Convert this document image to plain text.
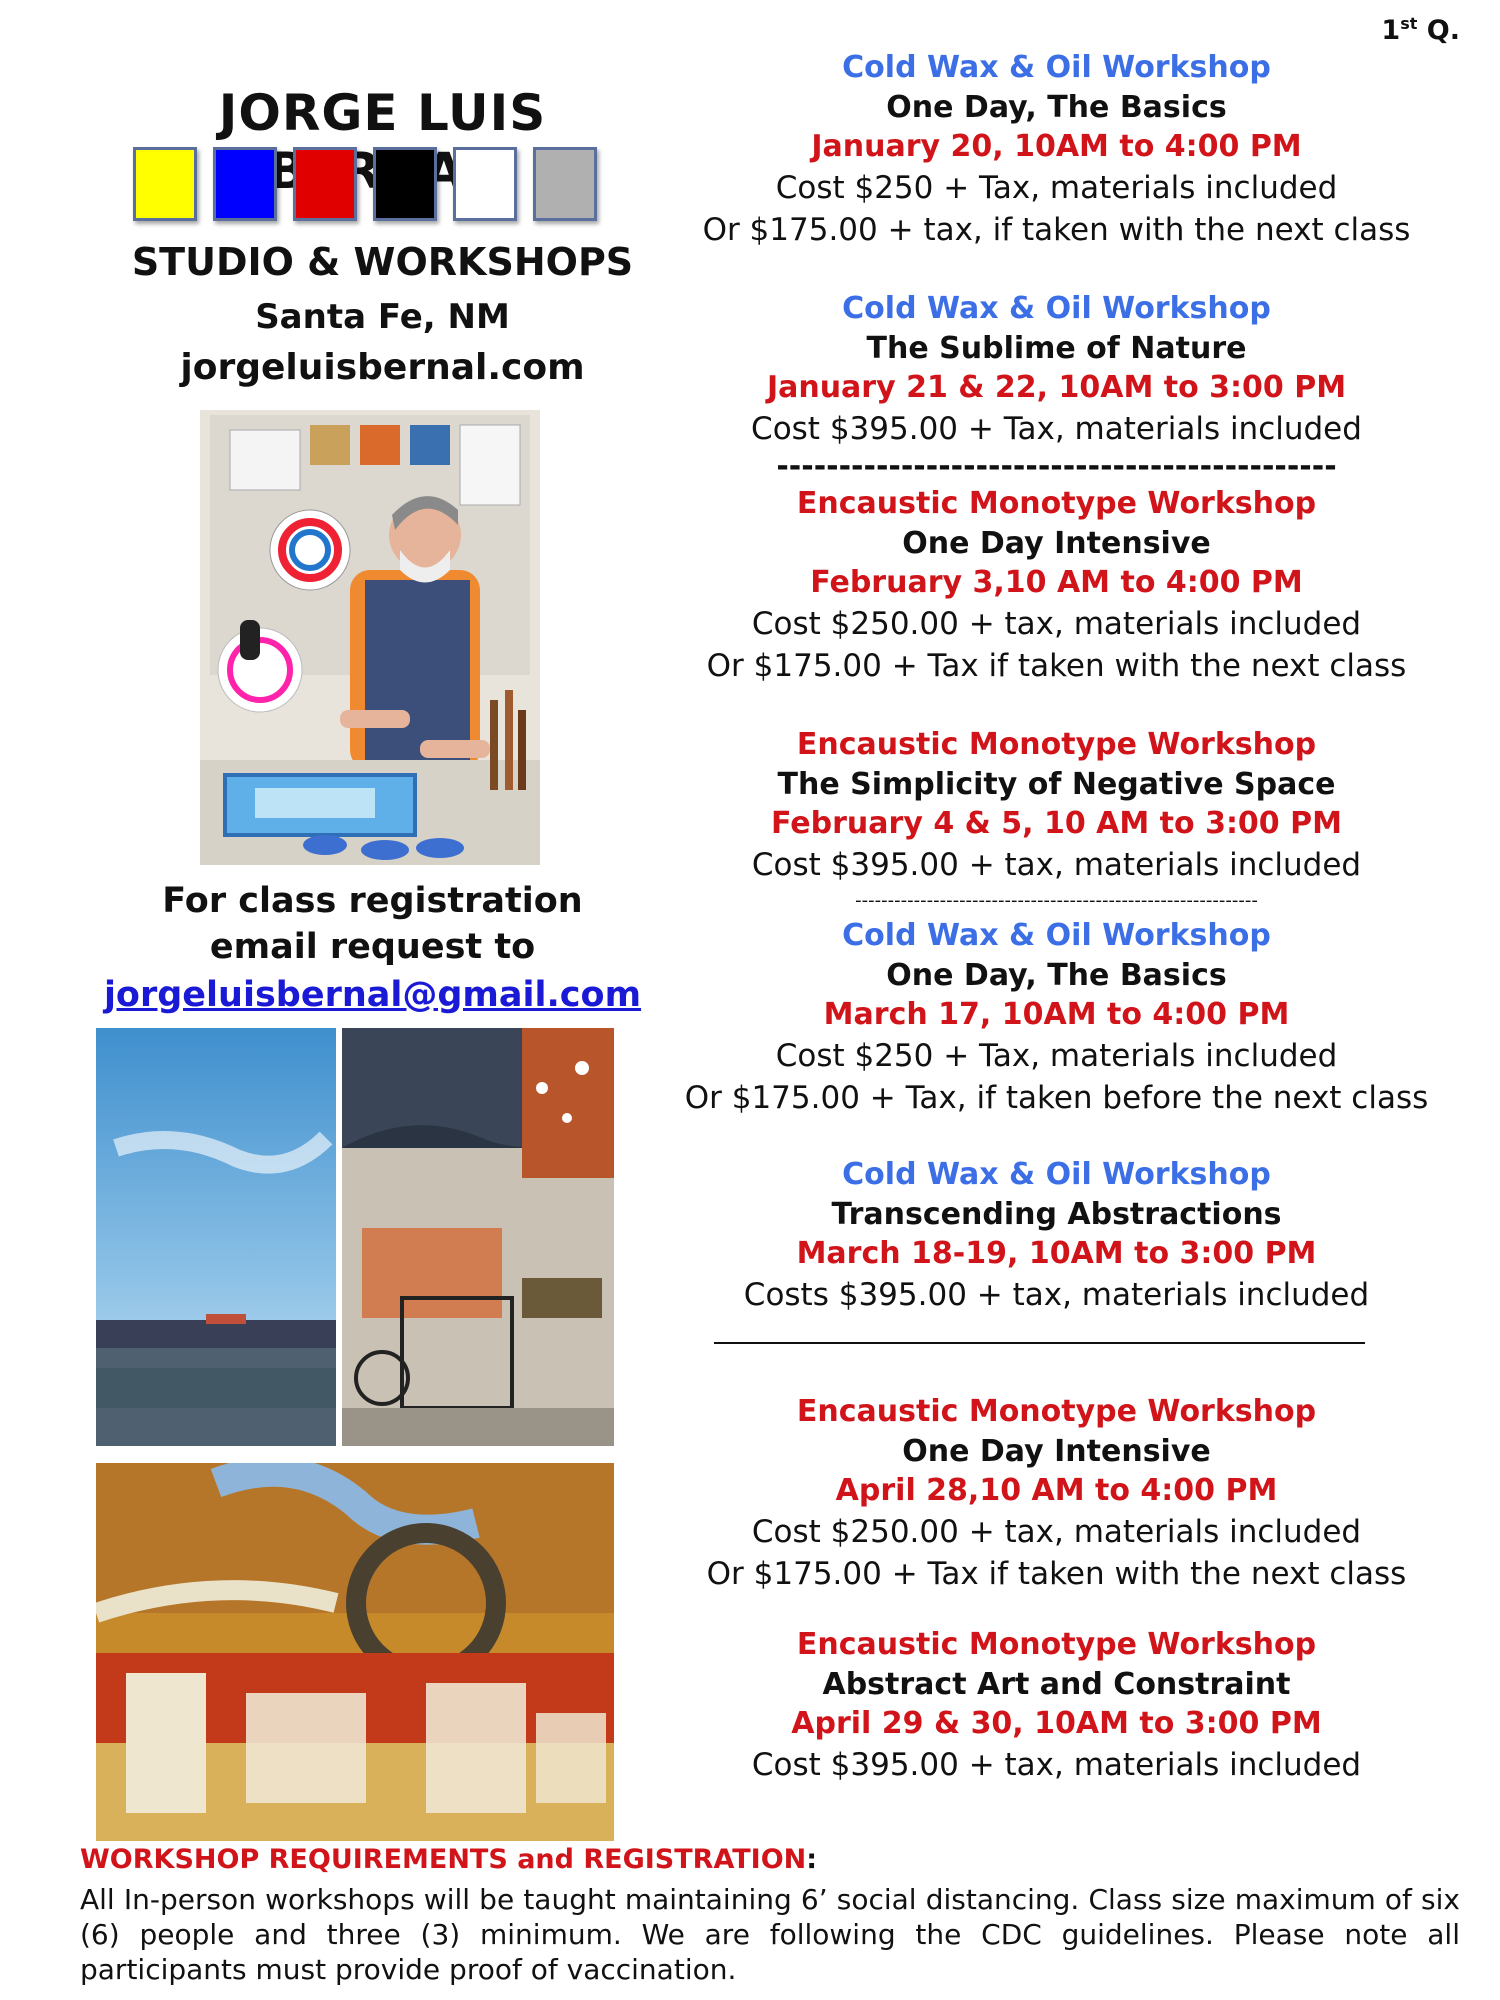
1st Q.
JORGE LUIS
STUDIO & WORKSHOPS
Santa Fe, NM
jorgeluisbernal.com
For class registration
email request to
jorgeluisbernal@gmail.com
Cold Wax & Oil Workshop
One Day, The Basics
January 20, 10AM to 4:00 PM
Cost $250 + Tax, materials included
Or $175.00 + tax, if taken with the next class
Cold Wax & Oil Workshop
The Sublime of Nature
January 21 & 22, 10AM to 3:00 PM
Cost $395.00 + Tax, materials included
---------------------------------------------
Encaustic Monotype Workshop
One Day Intensive
February 3,10 AM to 4:00 PM
Cost $250.00 + tax, materials included
Or $175.00 + Tax if taken with the next class
Encaustic Monotype Workshop
The Simplicity of Negative Space
February 4 & 5, 10 AM to 3:00 PM
Cost $395.00 + tax, materials included
--------------------------------------------------------------
Cold Wax & Oil Workshop
One Day, The Basics
March 17, 10AM to 4:00 PM
Cost $250 + Tax, materials included
Or $175.00 + Tax, if taken before the next class
Cold Wax & Oil Workshop
Transcending Abstractions
March 18-19, 10AM to 3:00 PM
Costs $395.00 + tax, materials included
Encaustic Monotype Workshop
One Day Intensive
April 28,10 AM to 4:00 PM
Cost $250.00 + tax, materials included
Or $175.00 + Tax if taken with the next class
Encaustic Monotype Workshop
Abstract Art and Constraint
April 29 & 30, 10AM to 3:00 PM
Cost $395.00 + tax, materials included
WORKSHOP REQUIREMENTS and REGISTRATION:
All In-person workshops will be taught maintaining 6’ social distancing. Class size maximum of six (6) people and three (3) minimum. We are following the CDC guidelines. Please note all participants must provide proof of vaccination.
